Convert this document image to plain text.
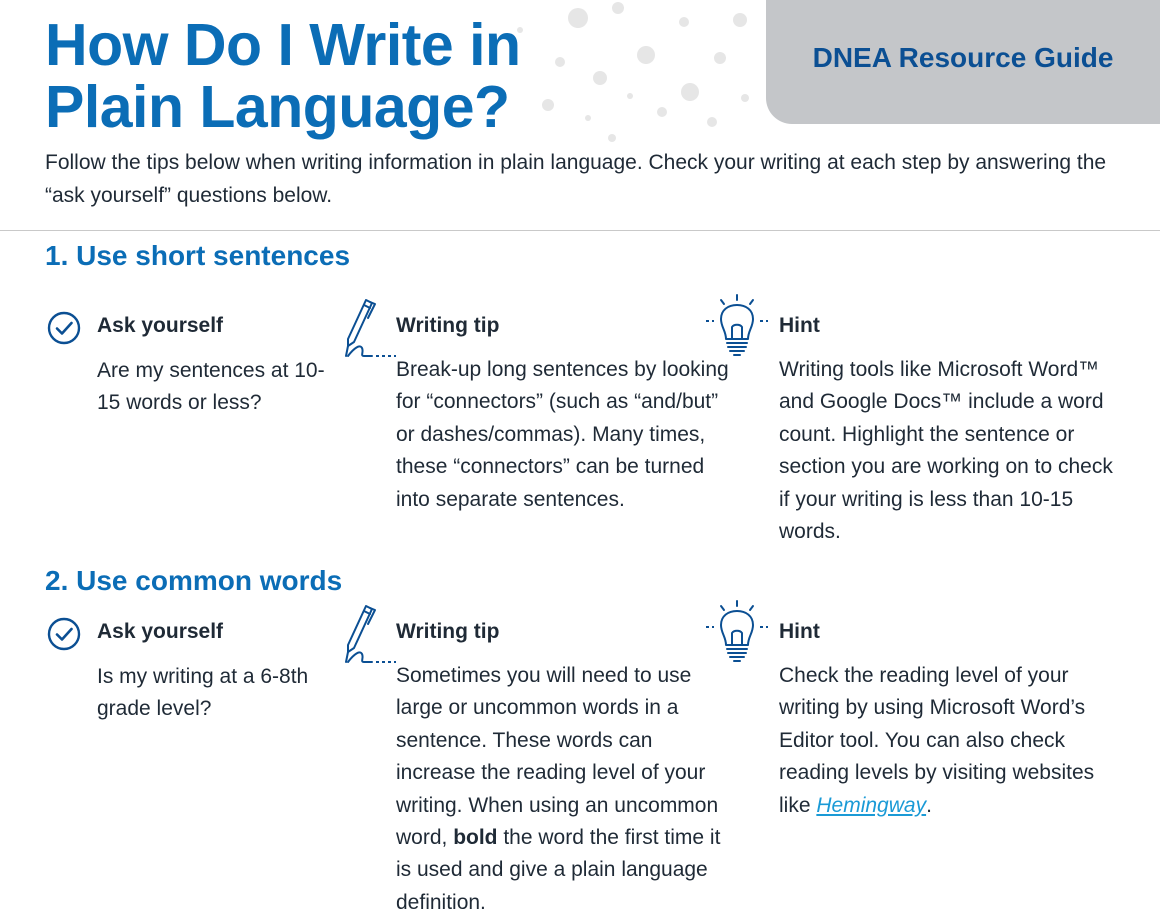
DNEA Resource Guide
How Do I Write in
Plain Language?

Follow the tips below when writing information in plain language. Check your writing at each step by answering the “ask yourself” questions below.

1. Use short sentences
Ask yourself

Are my sentences at 10-15 words or less?

Writing tip

Break-up long sentences by looking for “connectors” (such as “and/but” or dashes/commas). Many times, these “connectors” can be turned into separate sentences.

Hint

Writing tools like Microsoft Word™ and Google Docs™ include a word count. Highlight the sentence or section you are working on to check if your writing is less than 10-15 words.

2. Use common words
Ask yourself

Is my writing at a 6-8th grade level?

Writing tip

Sometimes you will need to use large or uncommon words in a sentence. These words can increase the reading level of your writing. When using an uncommon word, bold the word the first time it is used and give a plain language definition.

Hint

Check the reading level of your writing by using Microsoft Word’s Editor tool. You can also check reading levels by visiting websites like Hemingway.
